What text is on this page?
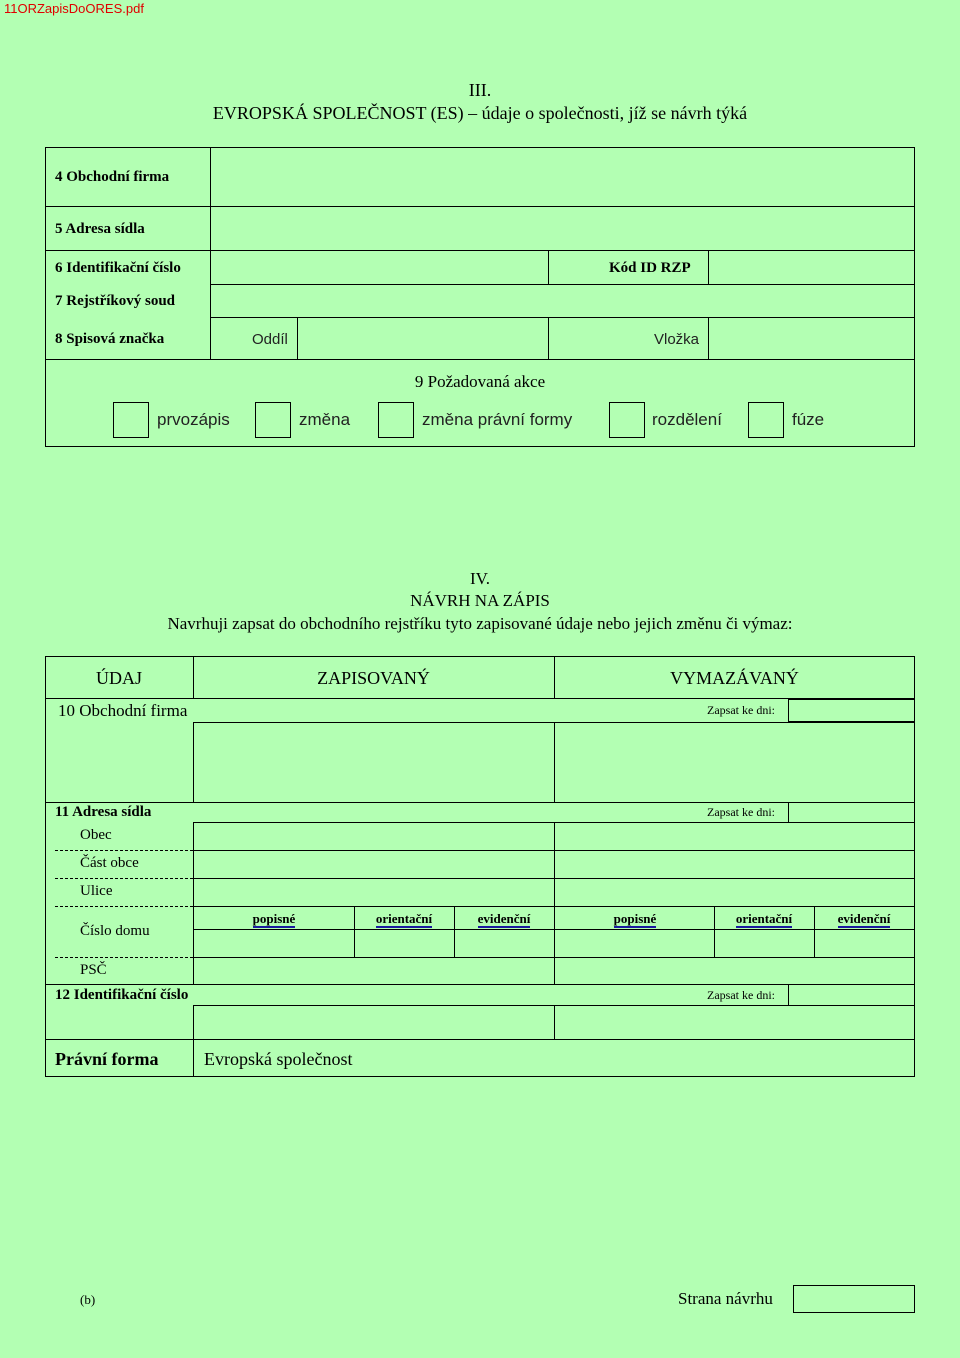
11ORZapisDoORES.pdf
III.
EVROPSKÁ SPOLEČNOST (ES) – údaje o společnosti, jíž se návrh týká
4 Obchodní firma
5 Adresa sídla
6 Identifikační číslo	Kód ID RZP
7 Rejstříkový soud
8 Spisová značka	Oddíl	Vložka
9 Požadovaná akce
prvozápis	změna	změna právní formy	rozdělení	fúze
IV.
NÁVRH NA ZÁPIS
Navrhuji zapsat do obchodního rejstříku tyto zapisované údaje nebo jejich změnu či výmaz:
ÚDAJ	ZAPISOVANÝ	VYMAZÁVANÝ
10 Obchodní firma	Zapsat ke dni:
11 Adresa sídla	Zapsat ke dni:
Obec
Část obce
Ulice
Číslo domu
popisné	orientační	evidenční	popisné	orientační	evidenční
PSČ
12 Identifikační číslo	Zapsat ke dni:
Právní forma	Evropská společnost
(b)	Strana návrhu
